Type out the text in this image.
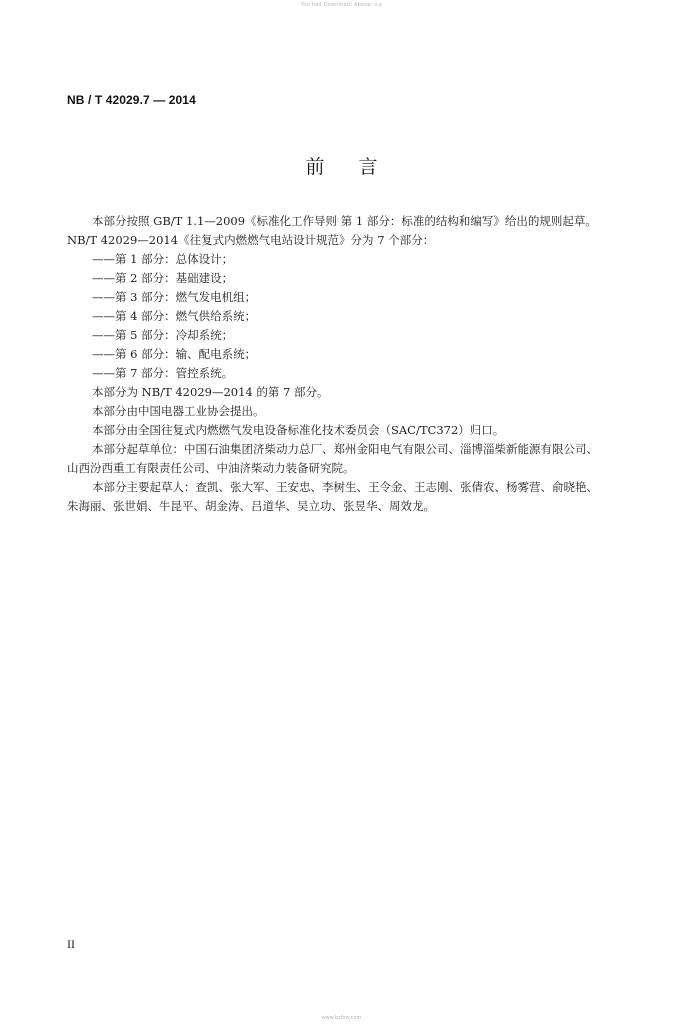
You had Download! Above: v.e
NB / T 42029.7 — 2014
前 言

本部分按照 GB/T 1.1—2009《标准化工作导则 第 1 部分：标准的结构和编写》给出的规则起草。

NB/T 42029—2014《往复式内燃燃气电站设计规范》分为 7 个部分：

——第 1 部分：总体设计；

——第 2 部分：基础建设；

——第 3 部分：燃气发电机组；

——第 4 部分：燃气供给系统；

——第 5 部分：冷却系统；

——第 6 部分：输、配电系统；

——第 7 部分：管控系统。

本部分为 NB/T 42029—2014 的第 7 部分。

本部分由中国电器工业协会提出。

本部分由全国往复式内燃燃气发电设备标准化技术委员会（SAC/TC372）归口。

本部分起草单位：中国石油集团济柴动力总厂、郑州金阳电气有限公司、淄博淄柴新能源有限公司、

山西汾西重工有限责任公司、中油济柴动力装备研究院。

本部分主要起草人：查凯、张大军、王安忠、李树生、王令金、王志刚、张倩农、杨雾营、俞晓艳、

朱海丽、张世娟、牛昆平、胡金涛、吕道华、吴立功、张昱华、周效龙。

II
www.bzfxw.com
